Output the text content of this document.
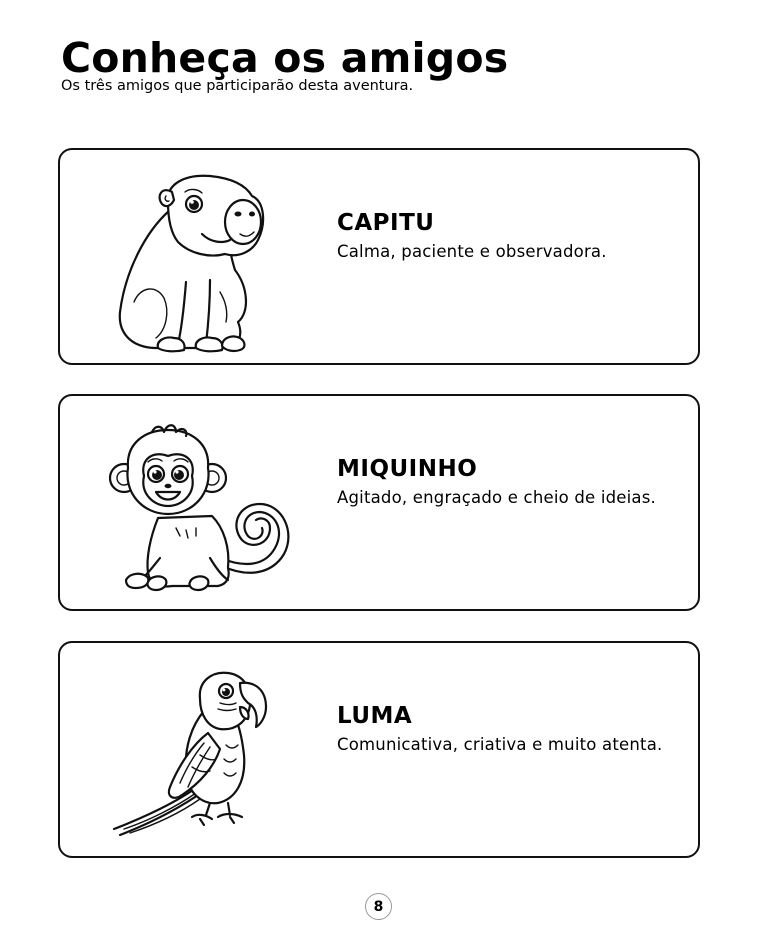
Conheça os amigos

Os três amigos que participarão desta aventura.

CAPITU
Calma, paciente e observadora.
MIQUINHO
Agitado, engraçado e cheio de ideias.
LUMA
Comunicativa, criativa e muito atenta.
8
